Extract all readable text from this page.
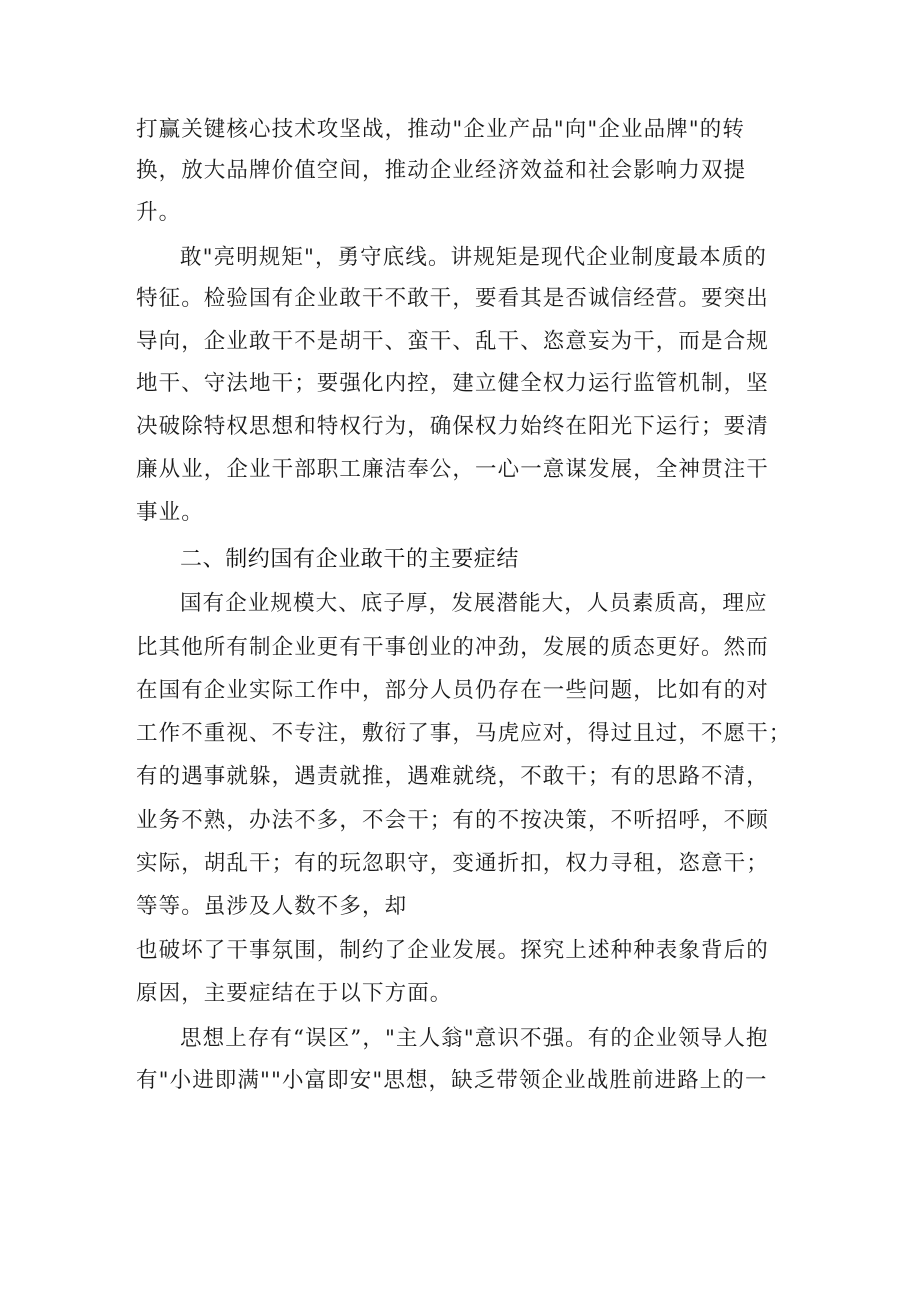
打赢关键核心技术攻坚战，推动"企业产品"向"企业品牌"的转
换，放大品牌价值空间，推动企业经济效益和社会影响力双提
升。
敢"亮明规矩"，勇守底线。讲规矩是现代企业制度最本质的
特征。检验国有企业敢干不敢干，要看其是否诚信经营。要突出
导向，企业敢干不是胡干、蛮干、乱干、恣意妄为干，而是合规
地干、守法地干；要强化内控，建立健全权力运行监管机制，坚
决破除特权思想和特权行为，确保权力始终在阳光下运行；要清
廉从业，企业干部职工廉洁奉公，一心一意谋发展，全神贯注干
事业。
二、制约国有企业敢干的主要症结
国有企业规模大、底子厚，发展潜能大，人员素质高，理应
比其他所有制企业更有干事创业的冲劲，发展的质态更好。然而
在国有企业实际工作中，部分人员仍存在一些问题，比如有的对
工作不重视、不专注，敷衍了事，马虎应对，得过且过，不愿干；
有的遇事就躲，遇责就推，遇难就绕，不敢干；有的思路不清，
业务不熟，办法不多，不会干；有的不按决策，不听招呼，不顾
实际，胡乱干；有的玩忽职守，变通折扣，权力寻租，恣意干；
等等。虽涉及人数不多，却
也破坏了干事氛围，制约了企业发展。探究上述种种表象背后的
原因，主要症结在于以下方面。
思想上存有“误区”，"主人翁"意识不强。有的企业领导人抱
有"小进即满""小富即安"思想，缺乏带领企业战胜前进路上的一
